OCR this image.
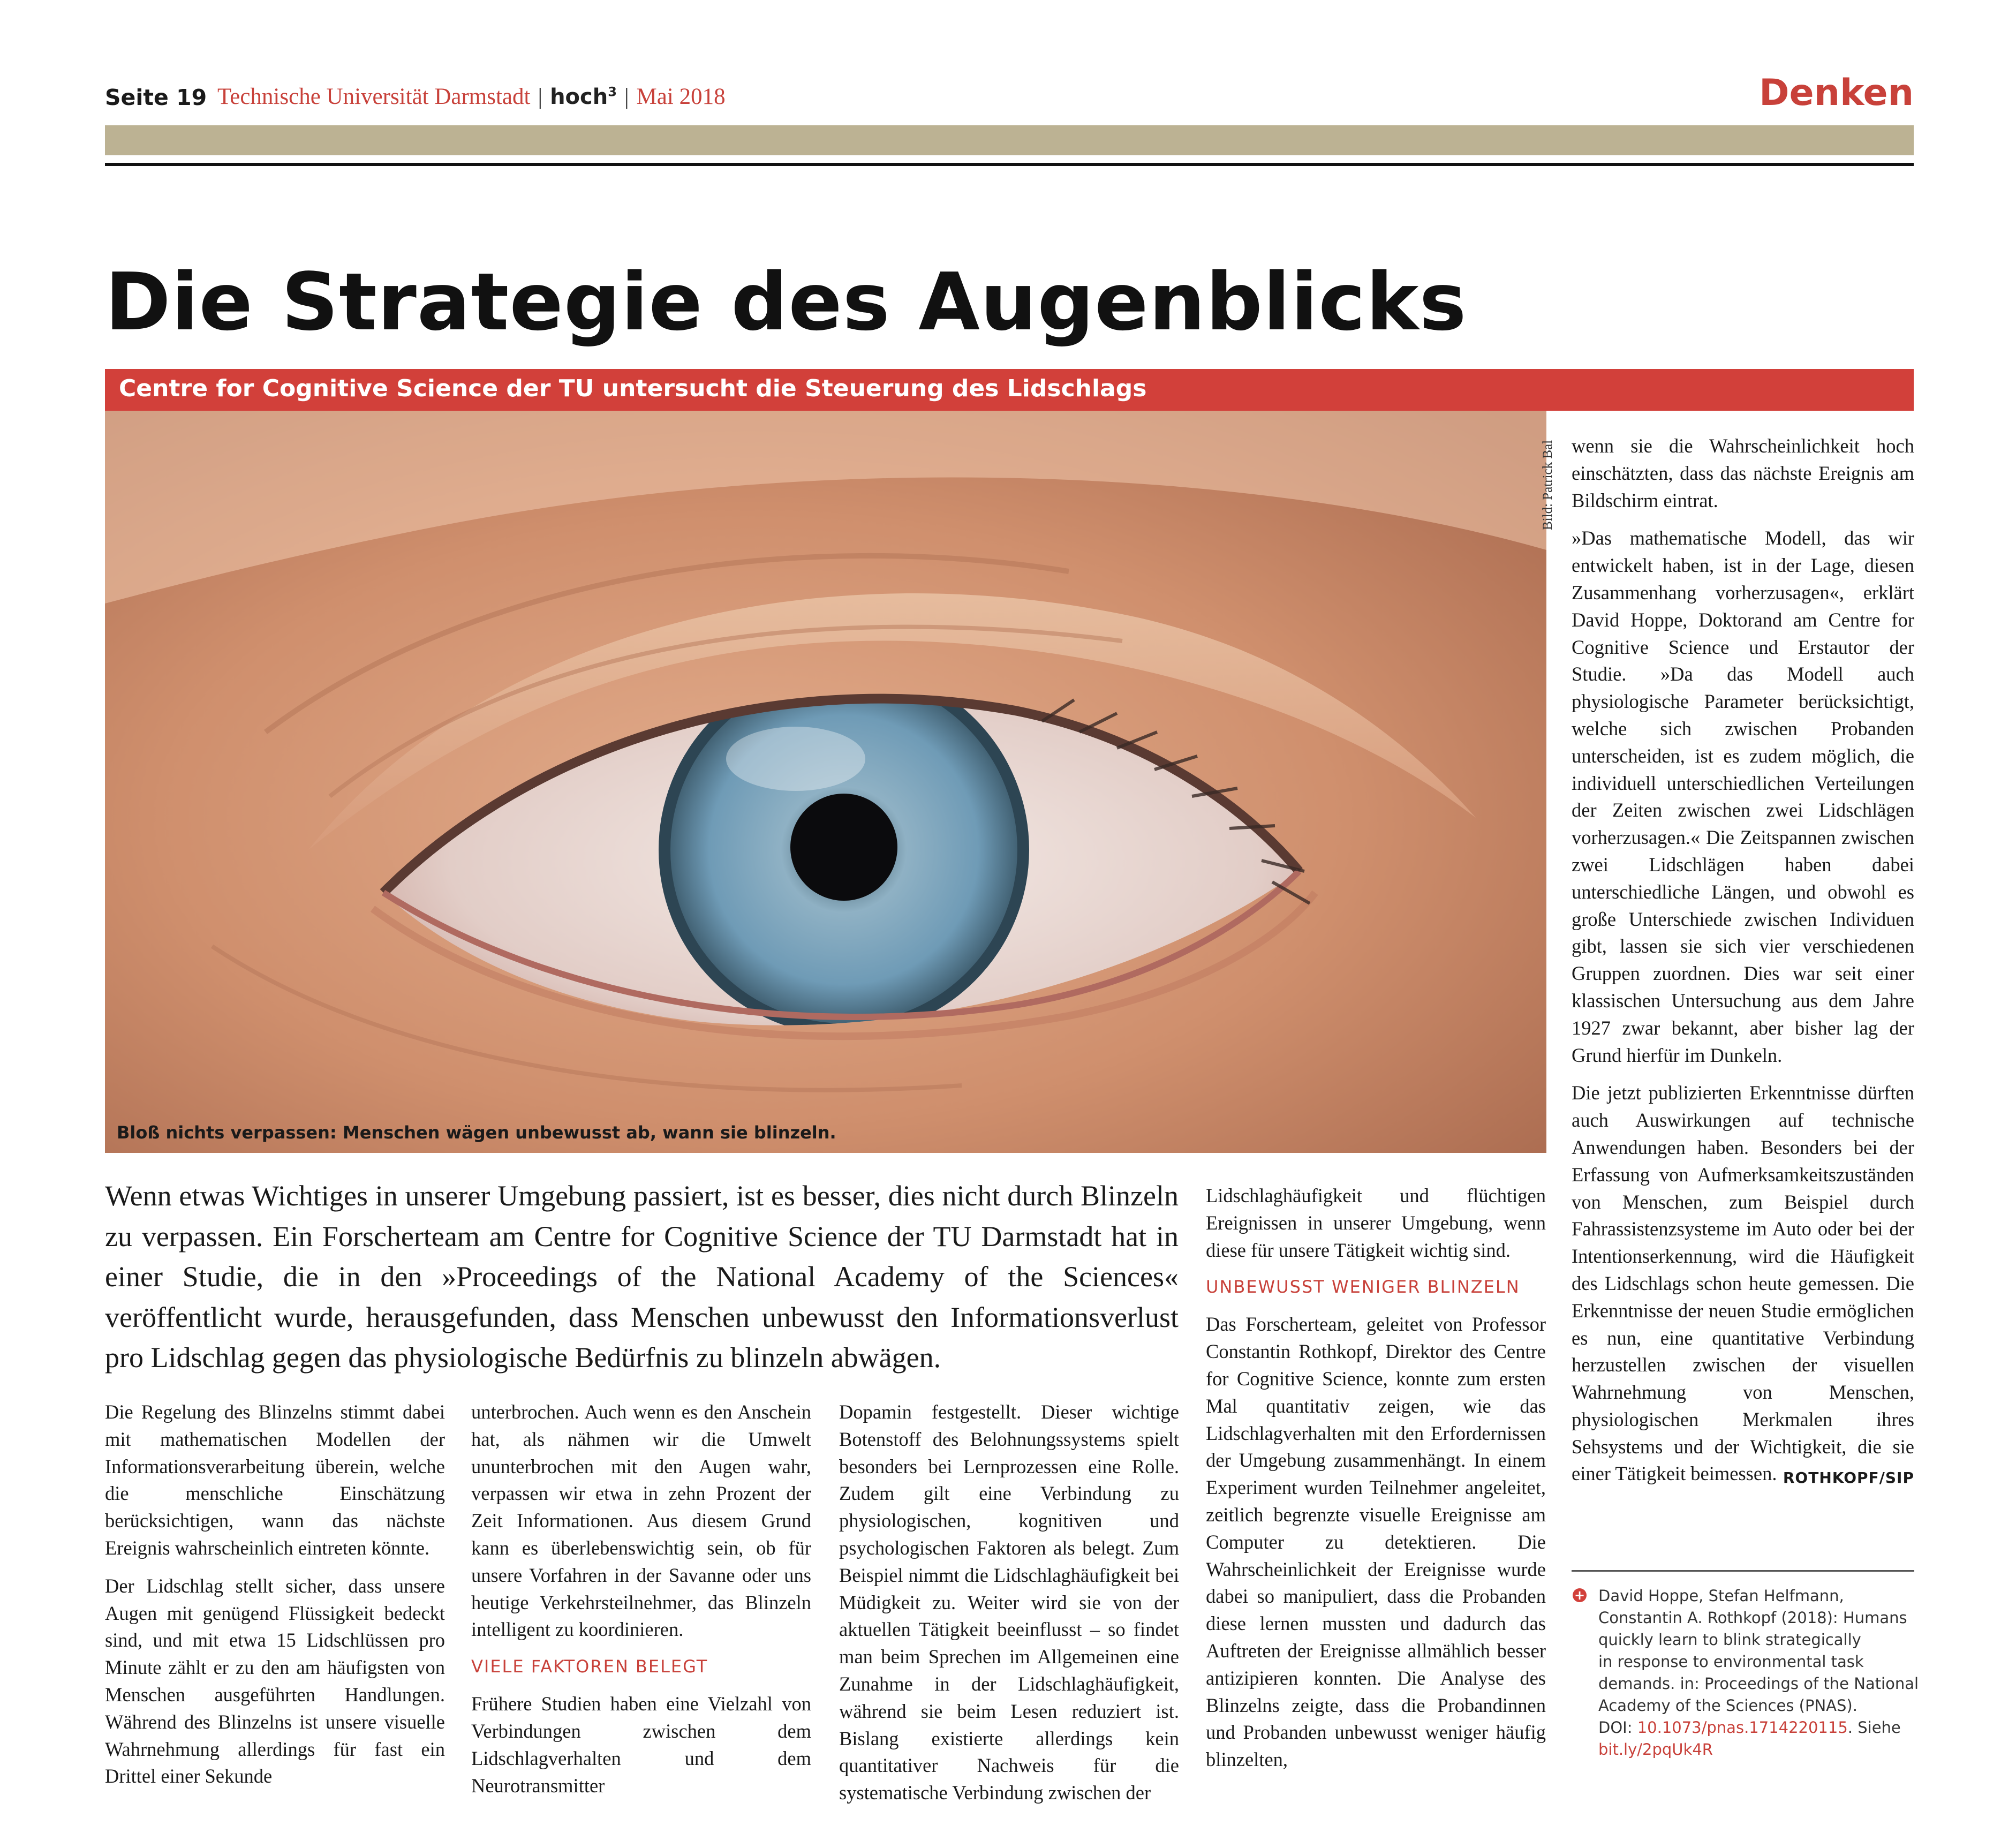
Seite 19 Technische Universität Darmstadt | hoch$^3$ | Mai 2018	Denken
Die Strategie des Augenblicks
Centre for Cognitive Science der TU untersucht die Steuerung des Lidschlags
Bild: Patrick Bal
Bloß nichts verpassen: Menschen wägen unbewusst ab, wann sie blinzeln.

Wenn etwas Wichtiges in unserer Umgebung passiert, ist es besser, dies nicht durch Blinzeln zu verpassen. Ein Forscherteam am Centre for Cognitive Science der TU Darmstadt hat in einer Studie, die in den »Proceedings of the National Academy of the Sciences« veröffentlicht wurde, herausgefunden, dass Menschen unbewusst den Informationsverlust pro Lidschlag gegen das physiologische Bedürfnis zu blinzeln abwägen.

Die Regelung des Blinzelns stimmt dabei mit mathematischen Modellen der Informationsverarbeitung überein, welche die menschliche Einschätzung berücksichtigen, wann das nächste Ereignis wahrscheinlich eintreten könnte.

Der Lidschlag stellt sicher, dass unsere Augen mit genügend Flüssigkeit bedeckt sind, und mit etwa 15 Lidschlüssen pro Minute zählt er zu den am häufigsten von Menschen ausgeführten Handlungen. Während des Blinzelns ist unsere visuelle Wahrnehmung allerdings für fast ein Drittel einer Sekunde

unterbrochen. Auch wenn es den Anschein hat, als nähmen wir die Umwelt ununterbrochen mit den Augen wahr, verpassen wir etwa in zehn Prozent der Zeit Informationen. Aus diesem Grund kann es überlebenswichtig sein, ob für unsere Vorfahren in der Savanne oder uns heutige Verkehrsteilnehmer, das Blinzeln intelligent zu koordinieren.

VIELE FAKTOREN BELEGT

Frühere Studien haben eine Vielzahl von Verbindungen zwischen dem Lidschlagverhalten und dem Neurotransmitter

Dopamin festgestellt. Dieser wichtige Botenstoff des Belohnungssystems spielt besonders bei Lernprozessen eine Rolle. Zudem gilt eine Verbindung zu physiologischen, kognitiven und psychologischen Faktoren als belegt. Zum Beispiel nimmt die Lidschlaghäufigkeit bei Müdigkeit zu. Weiter wird sie von der aktuellen Tätigkeit beeinflusst – so findet man beim Sprechen im Allgemeinen eine Zunahme in der Lidschlaghäufigkeit, während sie beim Lesen reduziert ist. Bislang existierte allerdings kein quantitativer Nachweis für die systematische Verbindung zwischen der

Lidschlaghäufigkeit und flüchtigen Ereignissen in unserer Umgebung, wenn diese für unsere Tätigkeit wichtig sind.

UNBEWUSST WENIGER BLINZELN

Das Forscherteam, geleitet von Professor Constantin Rothkopf, Direktor des Centre for Cognitive Science, konnte zum ersten Mal quantitativ zeigen, wie das Lidschlagverhalten mit den Erfordernissen der Umgebung zusammenhängt. In einem Experiment wurden Teilnehmer angeleitet, zeitlich begrenzte visuelle Ereignisse am Computer zu detektieren. Die Wahrscheinlichkeit der Ereignisse wurde dabei so manipuliert, dass die Probanden diese lernen mussten und dadurch das Auftreten der Ereignisse allmählich besser antizipieren konnten. Die Analyse des Blinzelns zeigte, dass die Probandinnen und Probanden unbewusst weniger häufig blinzelten,

wenn sie die Wahrscheinlichkeit hoch einschätzten, dass das nächste Ereignis am Bildschirm eintrat.

»Das mathematische Modell, das wir entwickelt haben, ist in der Lage, diesen Zusammenhang vorherzusagen«, erklärt David Hoppe, Doktorand am Centre for Cognitive Science und Erstautor der Studie. »Da das Modell auch physiologische Parameter berücksichtigt, welche sich zwischen Probanden unterscheiden, ist es zudem möglich, die individuell unterschiedlichen Verteilungen der Zeiten zwischen zwei Lidschlägen vorherzusagen.« Die Zeitspannen zwischen zwei Lidschlägen haben dabei unterschiedliche Längen, und obwohl es große Unterschiede zwischen Individuen gibt, lassen sie sich vier verschiedenen Gruppen zuordnen. Dies war seit einer klassischen Untersuchung aus dem Jahre 1927 zwar bekannt, aber bisher lag der Grund hierfür im Dunkeln.

Die jetzt publizierten Erkenntnisse dürften auch Auswirkungen auf technische Anwendungen haben. Besonders bei der Erfassung von Aufmerksamkeitszuständen von Menschen, zum Beispiel durch Fahrassistenzsysteme im Auto oder bei der Intentionserkennung, wird die Häufigkeit des Lidschlags schon heute gemessen. Die Erkenntnisse der neuen Studie ermöglichen es nun, eine quantitative Verbindung herzustellen zwischen der visuellen Wahrnehmung von Menschen, physiologischen Merkmalen ihres Sehsystems und der Wichtigkeit, die sie einer Tätigkeit beimessen. ROTHKOPF/SIP

+ David Hoppe, Stefan Helfmann,
Constantin A. Rothkopf (2018): Humans
quickly learn to blink strategically
in response to environmental task
demands. in: Proceedings of the National
Academy of the Sciences (PNAS).
DOI: 10.1073/pnas.1714220115. Siehe
bit.ly/2pqUk4R
